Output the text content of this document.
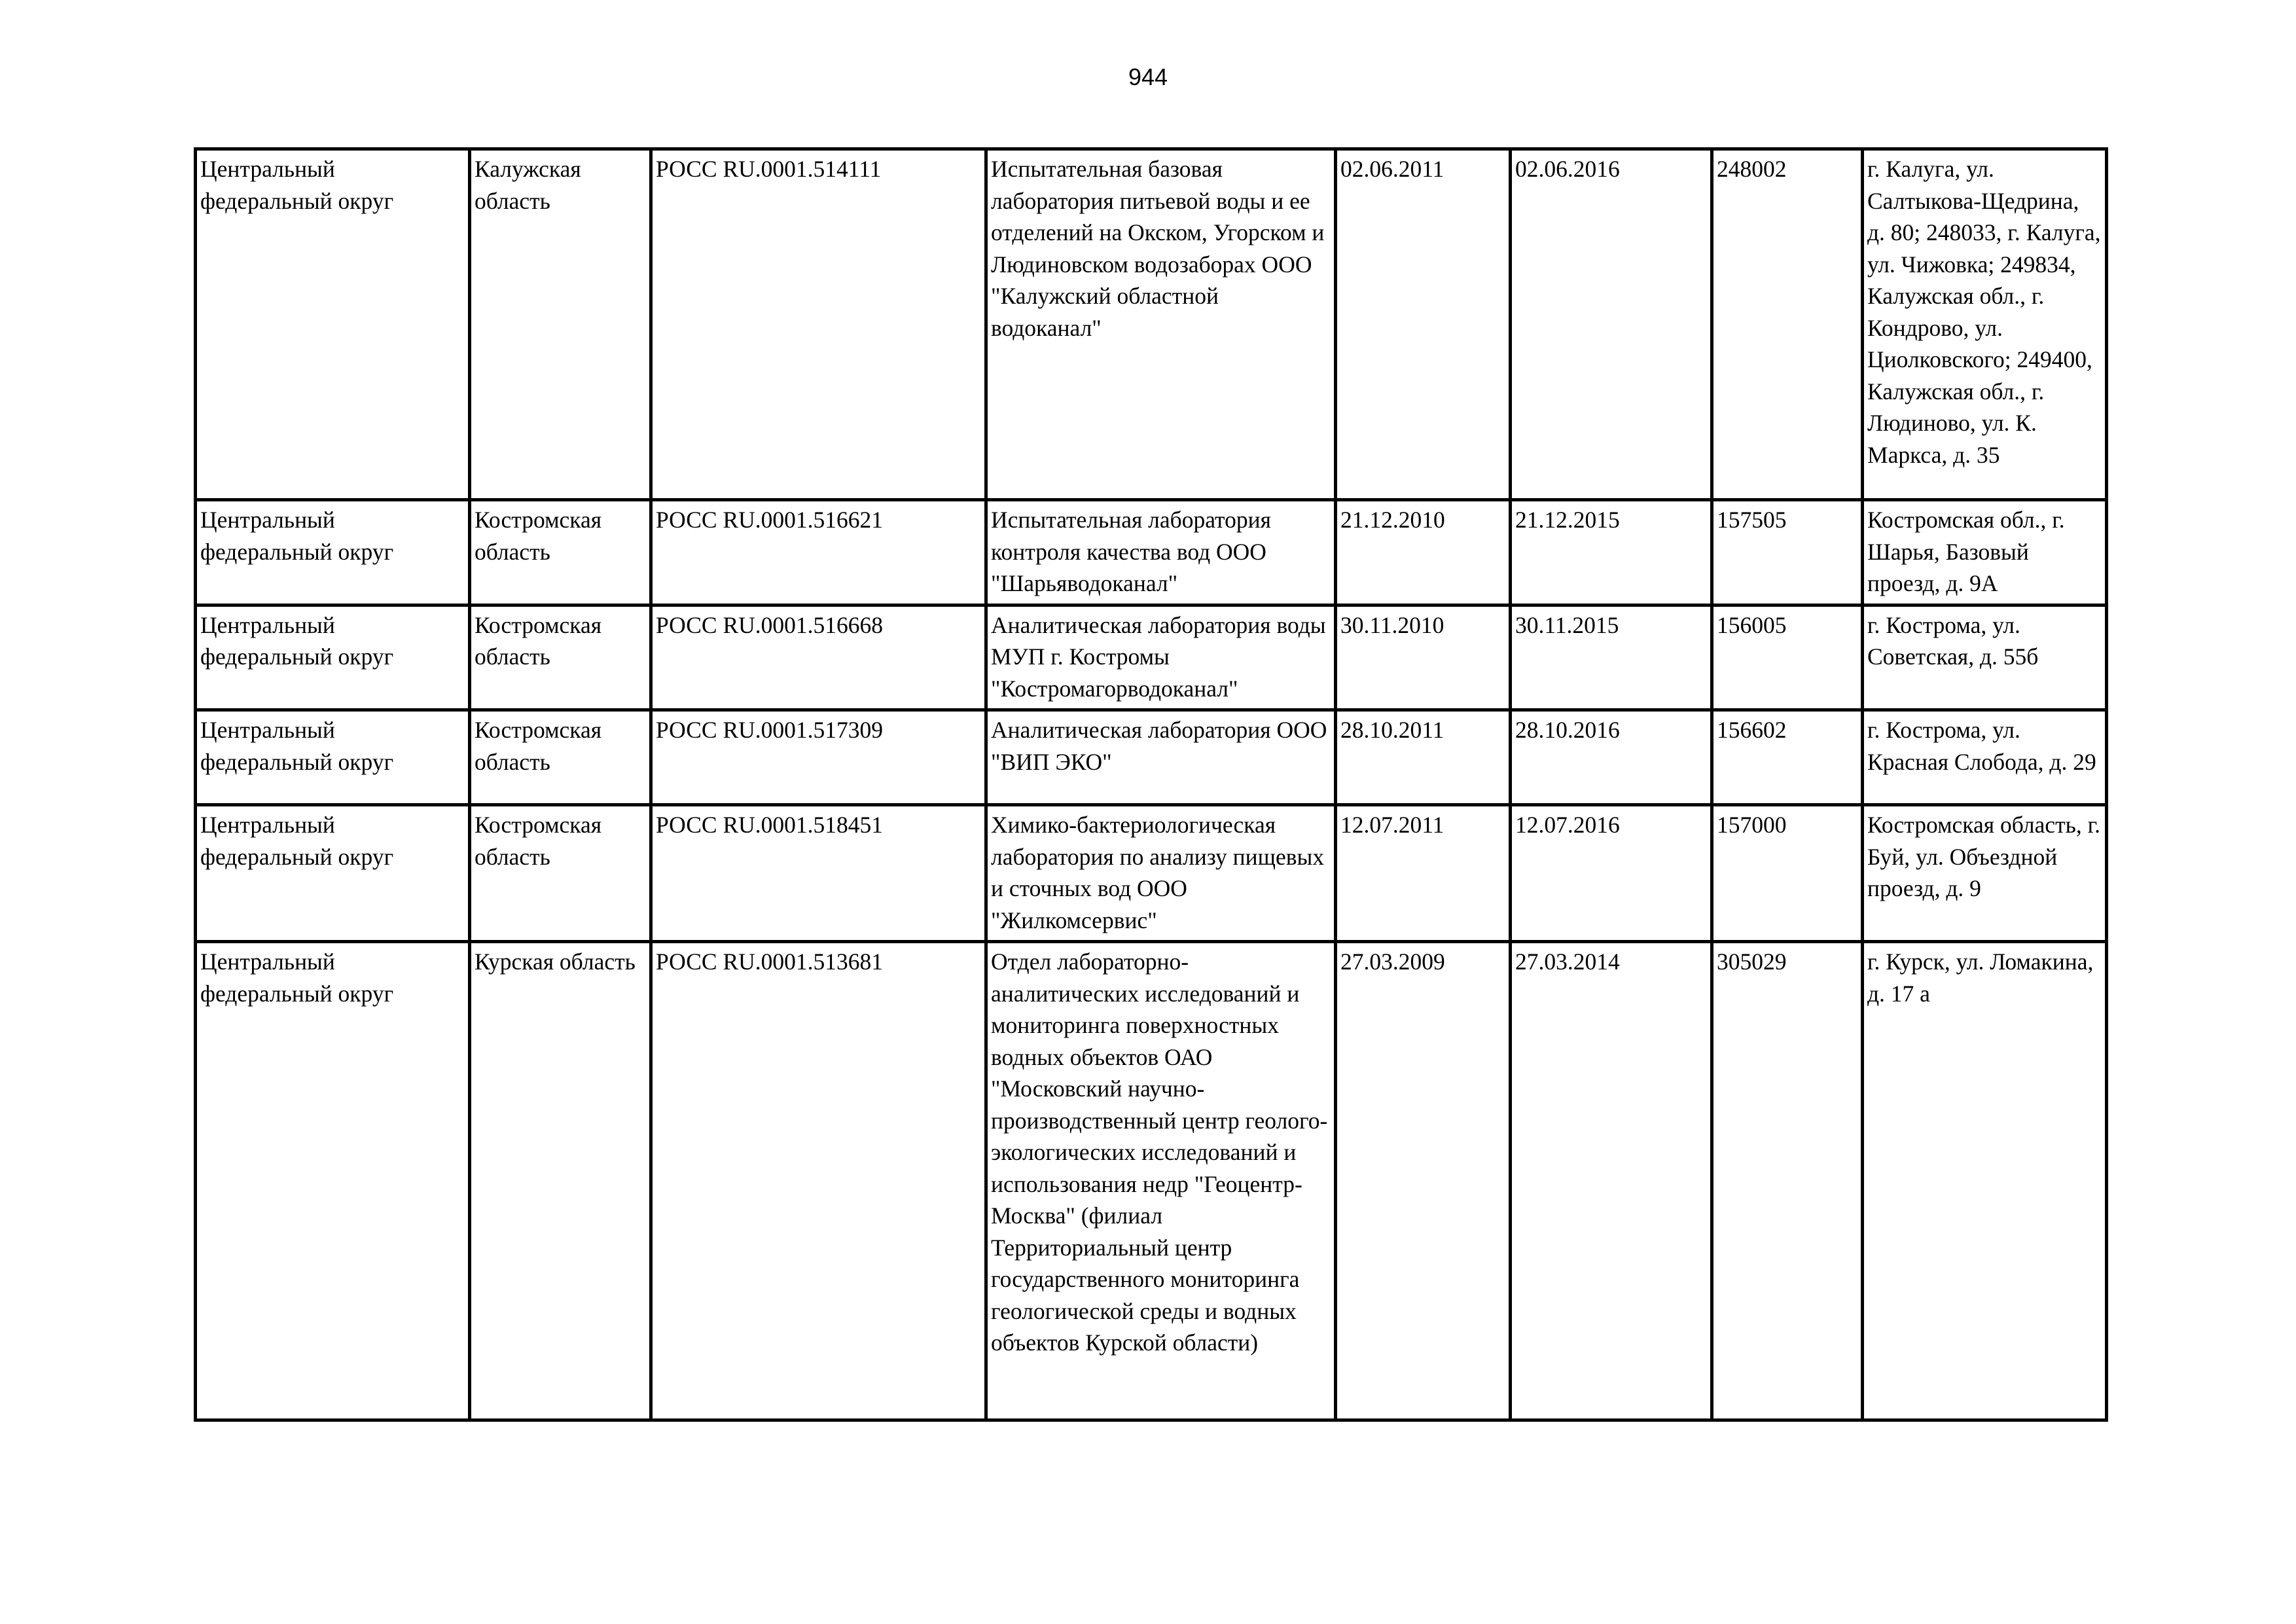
944
Центральный федеральный округ	Калужская область	РОСС RU.0001.514111	Испытательная базовая лаборатория питьевой воды и ее отделений на Окском, Угорском и Людиновском водозаборах ООО "Калужский областной водоканал"	02.06.2011	02.06.2016	248002	г. Калуга, ул. Салтыкова-Щедрина, д. 80; 248033, г. Калуга, ул. Чижовка; 249834, Калужская обл., г. Кондрово, ул. Циолковского; 249400, Калужская обл., г. Людиново, ул. К. Маркса, д. 35
Центральный федеральный округ	Костромская область	РОСС RU.0001.516621	Испытательная лаборатория контроля качества вод ООО "Шарьяводоканал"	21.12.2010	21.12.2015	157505	Костромская обл., г. Шарья, Базовый проезд, д. 9А
Центральный федеральный округ	Костромская область	РОСС RU.0001.516668	Аналитическая лаборатория воды МУП г. Костромы "Костромагорводоканал"	30.11.2010	30.11.2015	156005	г. Кострома, ул. Советская, д. 55б
Центральный федеральный округ	Костромская область	РОСС RU.0001.517309	Аналитическая лаборатория ООО "ВИП ЭКО"	28.10.2011	28.10.2016	156602	г. Кострома, ул. Красная Слобода, д. 29
Центральный федеральный округ	Костромская область	РОСС RU.0001.518451	Химико-бактериологическая лаборатория по анализу пищевых и сточных вод ООО "Жилкомсервис"	12.07.2011	12.07.2016	157000	Костромская область, г. Буй, ул. Объездной проезд, д. 9
Центральный федеральный округ	Курская область	РОСС RU.0001.513681	Отдел лабораторно-аналитических исследований и мониторинга поверхностных водных объектов ОАО "Московский научно-производственный центр геолого-экологических исследований и использования недр "Геоцентр-Москва" (филиал Территориальный центр государственного мониторинга геологической среды и водных объектов Курской области)	27.03.2009	27.03.2014	305029	г. Курск, ул. Ломакина, д. 17 а
